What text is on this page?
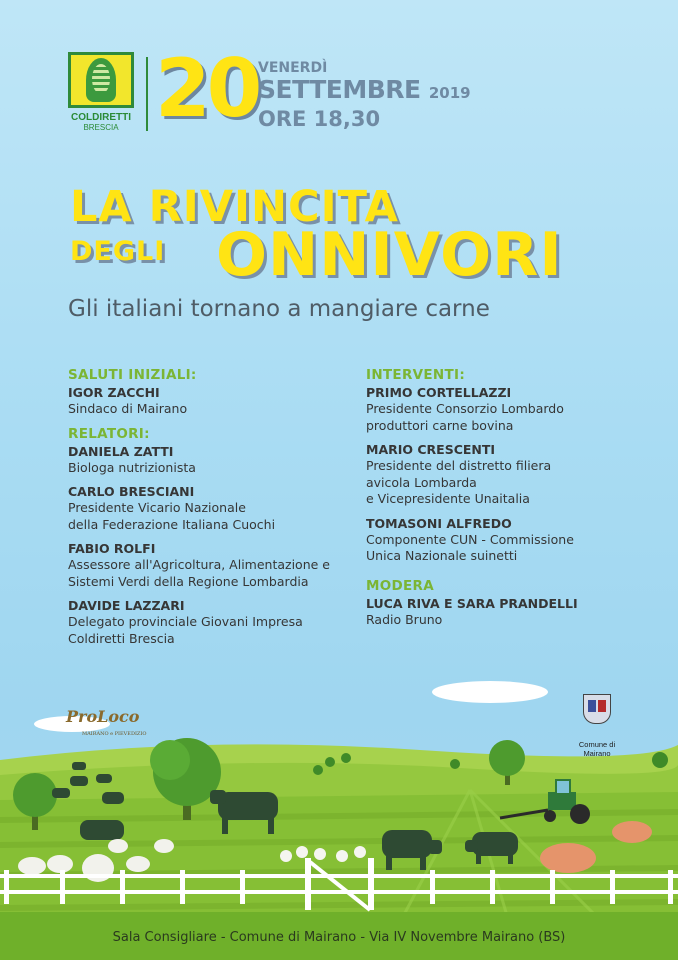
COLDIRETTI
BRESCIA 20 VENERDÌ
SETTEMBRE 2019
ORE 18,30
LA RIVINCITA
DEGLI ONNIVORI
Gli italiani tornano a mangiare carne
SALUTI INIZIALI:
IGOR ZACCHI
Sindaco di Mairano
RELATORI:
DANIELA ZATTI
Biologa nutrizionista
CARLO BRESCIANI
Presidente Vicario Nazionale
della Federazione Italiana Cuochi
FABIO ROLFI
Assessore all'Agricoltura, Alimentazione e
Sistemi Verdi della Regione Lombardia
DAVIDE LAZZARI
Delegato provinciale Giovani Impresa
Coldiretti Brescia
INTERVENTI:
PRIMO CORTELLAZZI
Presidente Consorzio Lombardo
produttori carne bovina
MARIO CRESCENTI
Presidente del distretto filiera
avicola Lombarda
e Vicepresidente Unaitalia
TOMASONI ALFREDO
Componente CUN - Commissione
Unica Nazionale suinetti
MODERA
LUCA RIVA E SARA PRANDELLI
Radio Bruno
ProLoco
MAIRANO e PIEVEDIZIO
Comune di
Mairano
Sala Consigliare - Comune di Mairano - Via IV Novembre Mairano (BS)
